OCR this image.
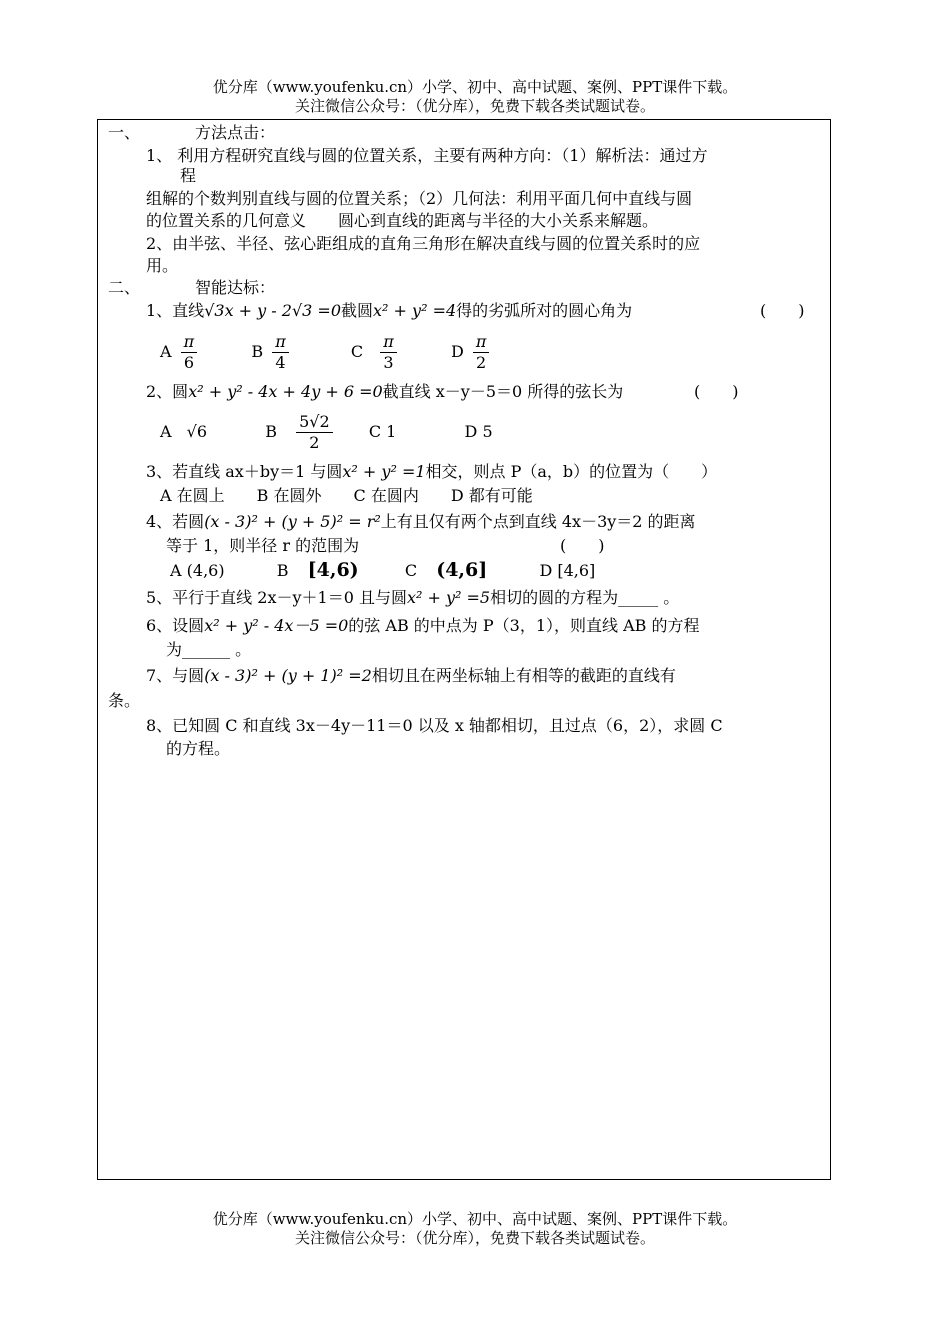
优分库（www.youfenku.cn）小学、初中、高中试题、案例、PPT课件下载。
关注微信公众号：（优分库），免费下载各类试题试卷。
一、	方法点击：
1、 利用方程研究直线与圆的位置关系，主要有两种方向：（1）解析法：通过方
程
组解的个数判别直线与圆的位置关系；（2）几何法：利用平面几何中直线与圆
的位置关系的几何意义　　圆心到直线的距离与半径的大小关系来解题。
2、由半弦、半径、弦心距组成的直角三角形在解决直线与圆的位置关系时的应
用。
二、	智能达标：
1、直线√3x + y - 2√3 =0截圆x² + y² =4得的劣弧所对的圆心角为	(　　)
A $\frac{\pi}{6}$	B $\frac{\pi}{4}$	C $\frac{\pi}{3}$	D $\frac{\pi}{2}$
2、圆x² + y² - 4x + 4y + 6 =0截直线 x－y－5＝0 所得的弦长为	(　　)
A √6	B $\frac{5√2}{2}$ C 1	D 5
3、若直线 ax＋by＝1 与圆x² + y² =1相交，则点 P（a，b）的位置为（　　）
A 在圆上　　B 在圆外　　C 在圆内　　D 都有可能
4、若圆(x - 3)² + (y + 5)² = r²上有且仅有两个点到直线 4x－3y＝2 的距离
等于 1，则半径 r 的范围为	(　　)
A (4,6)	B [4,6)	C (4,6]	D [4,6]
5、平行于直线 2x－y＋1＝0 且与圆x² + y² =5相切的圆的方程为_____ 。
6、设圆x² + y² - 4x－5 =0的弦 AB 的中点为 P（3，1），则直线 AB 的方程
为______ 。
7、与圆(x - 3)² + (y + 1)² =2相切且在两坐标轴上有相等的截距的直线有
条。
8、已知圆 C 和直线 3x－4y－11＝0 以及 x 轴都相切，且过点（6，2），求圆 C
的方程。
优分库（www.youfenku.cn）小学、初中、高中试题、案例、PPT课件下载。
关注微信公众号：（优分库），免费下载各类试题试卷。
